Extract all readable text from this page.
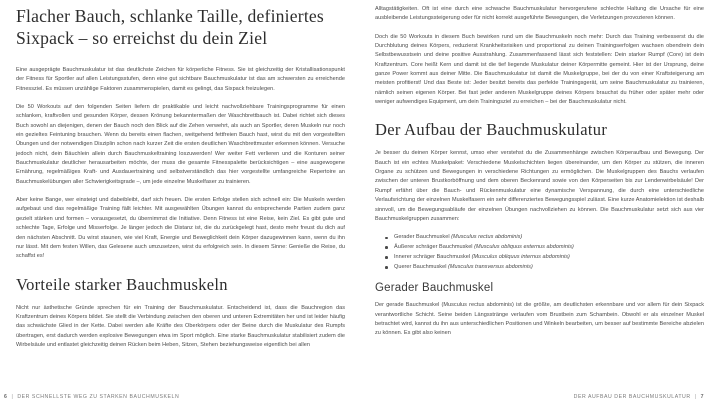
Flacher Bauch, schlanke Taille, definiertes Sixpack – so erreichst du dein Ziel

Eine ausgeprägte Bauchmuskulatur ist das deutlichste Zeichen für körperliche Fitness. Sie ist gleichzeitig der Kristallisationspunkt der Fitness für Sportler auf allen Leistungsstufen, denn eine gut sichtbare Bauchmuskulatur ist das am schwersten zu erreichende Fitnessziel. Es müssen unzählige Faktoren zusammenspielen, damit es gelingt, das Sixpack freizulegen.

Die 50 Workouts auf den folgenden Seiten liefern dir praktikable und leicht nachvollziehbare Trainingsprogramme für einen schlanken, kraftvollen und gesunden Körper, dessen Krönung bekanntermaßen der Waschbrettbauch ist. Dabei richtet sich dieses Buch sowohl an diejenigen, denen der Bauch noch den Blick auf die Zehen verwehrt, als auch an Sportler, deren Muskeln nur noch ein gezieltes Feintuning brauchen. Wenn du bereits einen flachen, weitgehend fettfreien Bauch hast, wirst du mit den vorgestellten Übungen und der notwendigen Disziplin schon nach kurzer Zeit die ersten deutlichen Waschbrettmuster erkennen können. Versuche jedoch nicht, dein Bäuchlein allein durch Bauchmuskeltraining loszuwerden! Wer weiter Fett verlieren und die Konturen seiner Bauchmuskulatur deutlicher herausarbeiten möchte, der muss die gesamte Fitnesspalette berücksichtigen – eine ausgewogene Ernährung, regelmäßiges Kraft- und Ausdauertraining und selbstverständlich das hier vorgestellte umfangreiche Repertoire an Bauchmuskelübungen aller Schwierigkeitsgrade –, um jede einzelne Muskelfaser zu trainieren.

Aber keine Bange, wer einsteigt und dabeibleibt, darf sich freuen. Die ersten Erfolge stellen sich schnell ein: Die Muskeln werden aufgebaut und das regelmäßige Training fällt leichter. Mit ausgewählten Übungen kannst du entsprechende Partien zudem ganz gezielt stärken und formen – vorausgesetzt, du übernimmst die Initiative. Denn Fitness ist eine Reise, kein Ziel. Es gibt gute und schlechte Tage, Erfolge und Misserfolge. Je länger jedoch die Distanz ist, die du zurückgelegt hast, desto mehr freust du dich auf den nächsten Abschnitt. Du wirst staunen, wie viel Kraft, Energie und Beweglichkeit dein Körper dazugewinnen kann, wenn du ihn nur lässt. Mit dem festen Willen, das Gelesene auch umzusetzen, wirst du erfolgreich sein. In diesem Sinne: Genieße die Reise, du schaffst es!

Vorteile starker Bauchmuskeln

Nicht nur ästhetische Gründe sprechen für ein Training der Bauchmuskulatur. Entscheidend ist, dass die Bauchregion das Kraftzentrum deines Körpers bildet. Sie stellt die Verbindung zwischen den oberen und unteren Extremitäten her und ist leider häufig das schwächste Glied in der Kette. Dabei werden alle Kräfte des Oberkörpers oder der Beine durch die Muskulatur des Rumpfs übertragen, erst dadurch werden explosive Bewegungen etwa im Sport möglich. Eine starke Bauchmuskulatur stabilisiert zudem die Wirbelsäule und entlastet gleichzeitig deinen Rücken beim Heben, Sitzen, Stehen beziehungsweise eigentlich bei allen

6 | DER SCHNELLSTE WEG ZU STARKEN BAUCHMUSKELN

Alltagstätigkeiten. Oft ist eine durch eine schwache Bauchmuskulatur hervorgerufene schlechte Haltung die Ursache für eine ausbleibende Leistungssteigerung oder für nicht korrekt ausgeführte Bewegungen, die Verletzungen provozieren können.

Doch die 50 Workouts in diesem Buch bewirken rund um die Bauchmuskeln noch mehr: Durch das Training verbesserst du die Durchblutung deines Körpers, reduzierst Krankheitsrisiken und proportional zu deinen Trainingserfolgen wachsen obendrein dein Selbstbewusstsein und deine positive Ausstrahlung. Zusammenfassend lässt sich feststellen: Dein starker Rumpf (Core) ist dein Kraftzentrum. Core heißt Kern und damit ist die tief liegende Muskulatur deiner Körpermitte gemeint. Hier ist der Ursprung, deine ganze Power kommt aus deiner Mitte. Die Bauchmuskulatur ist damit die Muskelgruppe, bei der du von einer Kraftsteigerung am meisten profitierst! Und das Beste ist: Jeder besitzt bereits das perfekte Trainingsgerät, um seine Bauchmuskulatur zu trainieren, nämlich seinen eigenen Körper. Bei fast jeder anderen Muskelgruppe deines Körpers brauchst du früher oder später mehr oder weniger aufwendiges Equipment, um dein Trainingsziel zu erreichen – bei der Bauchmuskulatur nicht.

Der Aufbau der Bauchmuskulatur

Je besser du deinen Körper kennst, umso eher verstehst du die Zusammenhänge zwischen Körperaufbau und Bewegung. Der Bauch ist ein echtes Muskelpaket: Verschiedene Muskelschichten liegen übereinander, um den Körper zu stützen, die inneren Organe zu schützen und Bewegungen in verschiedene Richtungen zu ermöglichen. Die Muskelgruppen des Bauchs verlaufen zwischen der unteren Brustkorböffnung und dem oberen Beckenrand sowie von den Körperseiten bis zur Lendenwirbelsäule! Der Rumpf erfährt über die Bauch- und Rückenmuskulatur eine dynamische Verspannung, die durch eine unterschiedliche Verlaufsrichtung der einzelnen Muskelfasern ein sehr differenziertes Bewegungsspiel zulässt. Eine kurze Anatomielektion ist deshalb sinnvoll, um die Bewegungsabläufe der einzelnen Übungen nachvollziehen zu können. Die Bauchmuskulatur setzt sich aus vier Bauchmuskelgruppen zusammen:

Gerader Bauchmuskel (Musculus rectus abdominis)
Äußerer schräger Bauchmuskel (Musculus obliquus externus abdominis)
Innerer schräger Bauchmuskel (Musculus obliquus internus abdominis)
Querer Bauchmuskel (Musculus transversus abdominis)
Gerader Bauchmuskel

Der gerade Bauchmuskel (Musculus rectus abdominis) ist die größte, am deutlichsten erkennbare und vor allem für dein Sixpack verantwortliche Schicht. Seine beiden Längsstränge verlaufen vom Brustbein zum Schambein. Obwohl er als einzelner Muskel betrachtet wird, kannst du ihn aus unterschiedlichen Positionen und Winkeln bearbeiten, um besser auf bestimmte Bereiche abzielen zu können. Es gibt also keinen

DER AUFBAU DER BAUCHMUSKULATUR | 7
